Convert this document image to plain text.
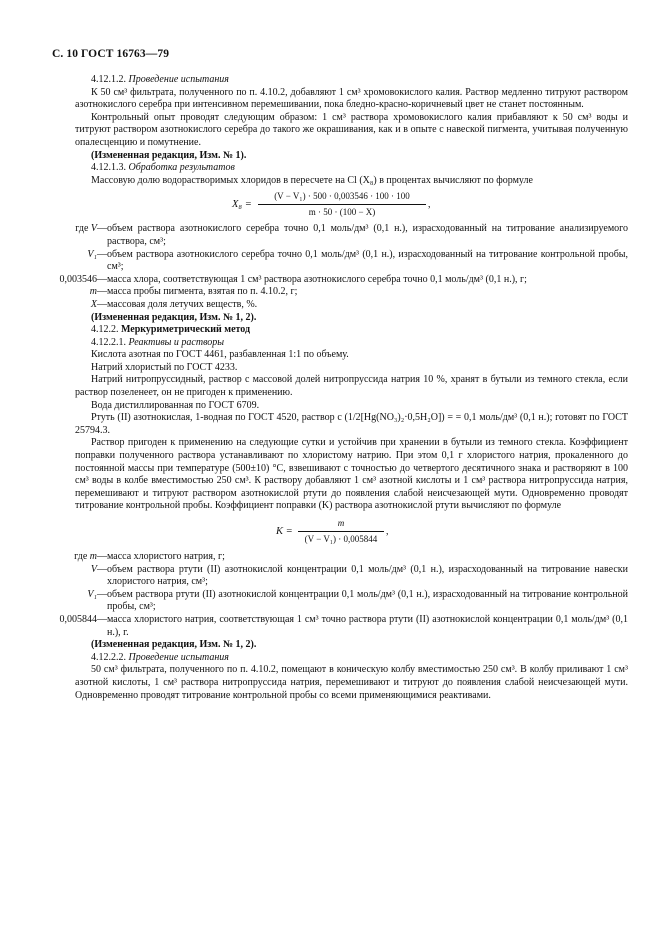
С. 10 ГОСТ 16763—79

4.12.1.2. Проведение испытания

К 50 см³ фильтрата, полученного по п. 4.10.2, добавляют 1 см³ хромовокислого калия. Раствор медленно титруют раствором азотнокислого серебра при интенсивном перемешивании, пока бледно-красно-коричневый цвет не станет постоянным.

Контрольный опыт проводят следующим образом: 1 см³ раствора хромовокислого калия прибавляют к 50 см³ воды и титруют раствором азотнокислого серебра до такого же окрашивания, как и в опыте с навеской пигмента, учитывая полученную опалесценцию и помутнение.

(Измененная редакция, Изм. № 1).

4.12.1.3. Обработка результатов

Массовую долю водорастворимых хлоридов в пересчете на Cl (X₈) в процентах вычисляют по формуле

$X_8 = \frac{\text{(V − V₁) · 500 · 0,003546 · 100 · 100}}{m \cdot 50 \cdot (100 - X)}$ ,
где V	—	объем раствора азотнокислого серебра точно 0,1 моль/дм³ (0,1 н.), израсходованный на титрование анализируемого раствора, см³;
V₁	—	объем раствора азотнокислого серебра точно 0,1 моль/дм³ (0,1 н.), израсходованный на титрование контрольной пробы, см³;
0,003546	—	масса хлора, соответствующая 1 см³ раствора азотнокислого серебра точно 0,1 моль/дм³ (0,1 н.), г;
m	—	масса пробы пигмента, взятая по п. 4.10.2, г;
X	—	массовая доля летучих веществ, %.

(Измененная редакция, Изм. № 1, 2).

4.12.2. Меркуриметрический метод

4.12.2.1. Реактивы и растворы

Кислота азотная по ГОСТ 4461, разбавленная 1:1 по объему.

Натрий хлористый по ГОСТ 4233.

Натрий нитропруссидный, раствор с массовой долей нитропруссида натрия 10 %, хранят в бутыли из темного стекла, если раствор позеленеет, он не пригоден к применению.

Вода дистиллированная по ГОСТ 6709.

Ртуть (II) азотнокислая, 1-водная по ГОСТ 4520, раствор c (1/2[Hg(NO₃)₂·0,5H₂O]) = = 0,1 моль/дм³ (0,1 н.); готовят по ГОСТ 25794.3.

Раствор пригоден к применению на следующие сутки и устойчив при хранении в бутыли из темного стекла. Коэффициент поправки полученного раствора устанавливают по хлористому натрию. При этом 0,1 г хлористого натрия, прокаленного до постоянной массы при температуре (500±10) °С, взвешивают с точностью до четвертого десятичного знака и растворяют в 100 см³ воды в колбе вместимостью 250 см³. К раствору добавляют 1 см³ азотной кислоты и 1 см³ раствора нитропруссида натрия, перемешивают и титруют раствором азотнокислой ртути до появления слабой неисчезающей мути. Одновременно проводят титрование контрольной пробы. Коэффициент поправки (K) раствора азотнокислой ртути вычисляют по формуле

$K = \frac{m}{\text{(V − V₁) · 0,005844}}$ ,
где m	—	масса хлористого натрия, г;
V	—	объем раствора ртути (II) азотнокислой концентрации 0,1 моль/дм³ (0,1 н.), израсходованный на титрование навески хлористого натрия, см³;
V₁	—	объем раствора ртути (II) азотнокислой концентрации 0,1 моль/дм³ (0,1 н.), израсходованный на титрование контрольной пробы, см³;
0,005844	—	масса хлористого натрия, соответствующая 1 см³ точно раствора ртути (II) азотнокислой концентрации 0,1 моль/дм³ (0,1 н.), г.

(Измененная редакция, Изм. № 1, 2).

4.12.2.2. Проведение испытания

50 см³ фильтрата, полученного по п. 4.10.2, помещают в коническую колбу вместимостью 250 см³. В колбу приливают 1 см³ азотной кислоты, 1 см³ раствора нитропруссида натрия, перемешивают и титруют до появления слабой неисчезающей мути. Одновременно проводят титрование контрольной пробы со всеми применяющимися реактивами.
